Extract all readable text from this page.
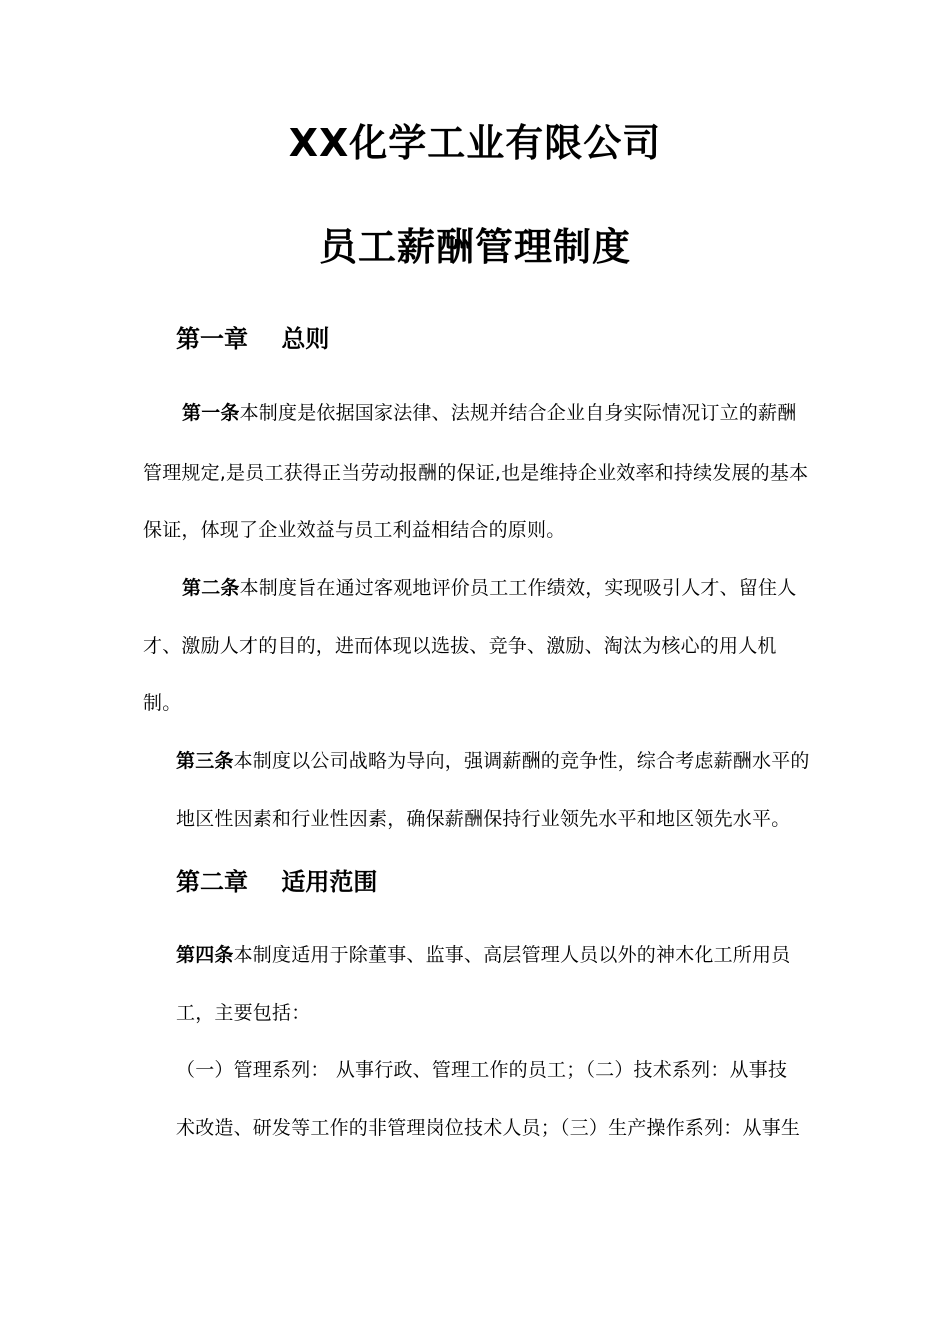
XX化学工业有限公司
员工薪酬管理制度
第一章    总则
第一条本制度是依据国家法律、法规并结合企业自身实际情况订立的薪酬
管理规定,是员工获得正当劳动报酬的保证,也是维持企业效率和持续发展的基本
保证，体现了企业效益与员工利益相结合的原则。
第二条本制度旨在通过客观地评价员工工作绩效，实现吸引人才、留住人
才、激励人才的目的，进而体现以选拔、竞争、激励、淘汰为核心的用人机
制。
第三条本制度以公司战略为导向，强调薪酬的竞争性，综合考虑薪酬水平的
地区性因素和行业性因素，确保薪酬保持行业领先水平和地区领先水平。
第二章    适用范围
第四条本制度适用于除董事、监事、高层管理人员以外的神木化工所用员
工，主要包括：
（一）管理系列： 从事行政、管理工作的员工；（二）技术系列：从事技
术改造、研发等工作的非管理岗位技术人员；（三）生产操作系列：从事生
